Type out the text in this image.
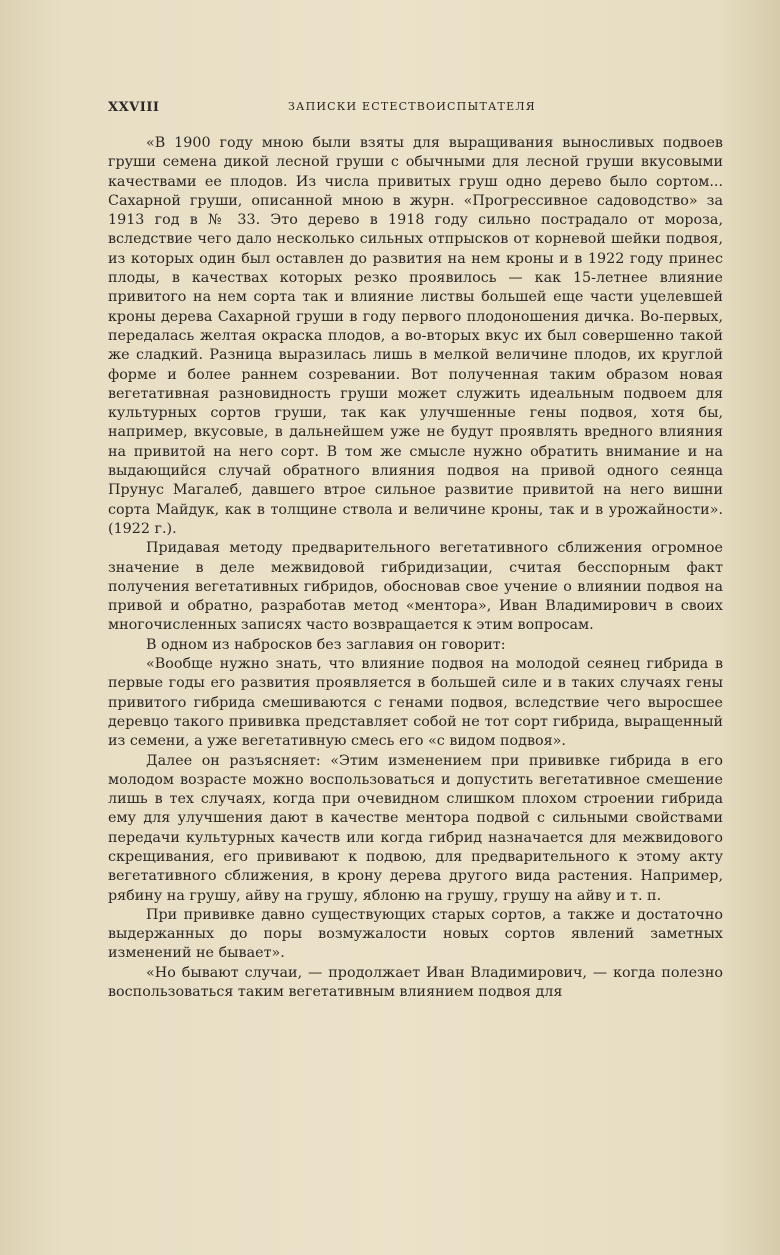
XXVIII	ЗАПИСКИ ЕСТЕСТВОИСПЫТАТЕЛЯ

«В 1900 году мною были взяты для выращивания выносливых подвоев груши семена дикой лесной груши с обычными для лесной груши вкусовыми качествами ее плодов. Из числа привитых груш одно дерево было сортом... Сахарной груши, описанной мною в журн. «Прогрессивное садоводство» за 1913 год в № 33. Это дерево в 1918 году сильно пострадало от мороза, вследствие чего дало несколько сильных отпрысков от корневой шейки подвоя, из которых один был оставлен до развития на нем кроны и в 1922 году принес плоды, в качествах которых резко проявилось — как 15-летнее влияние привитого на нем сорта так и влияние листвы большей еще части уцелевшей кроны дерева Сахарной груши в году первого плодоношения дичка. Во-первых, передалась желтая окраска плодов, а во-вторых вкус их был совершенно такой же сладкий. Разница выразилась лишь в мелкой величине плодов, их круглой форме и более раннем созревании. Вот полученная таким образом новая вегетативная разновидность груши может служить идеальным подвоем для культурных сортов груши, так как улучшенные гены подвоя, хотя бы, например, вкусовые, в дальнейшем уже не будут проявлять вредного влияния на привитой на него сорт. В том же смысле нужно обратить внимание и на выдающийся случай обратного влияния подвоя на привой одного сеянца Прунус Магалеб, давшего втрое сильное развитие привитой на него вишни сорта Майдук, как в толщине ствола и величине кроны, так и в урожайности». (1922 г.).

Придавая методу предварительного вегетативного сближения огромное значение в деле межвидовой гибридизации, считая бесспорным факт получения вегетативных гибридов, обосновав свое учение о влиянии подвоя на привой и обратно, разработав метод «ментора», Иван Владимирович в своих многочисленных записях часто возвращается к этим вопросам.

В одном из набросков без заглавия он говорит:

«Вообще нужно знать, что влияние подвоя на молодой сеянец гибрида в первые годы его развития проявляется в большей силе и в таких случаях гены привитого гибрида смешиваются с генами подвоя, вследствие чего выросшее деревцо такого прививка представляет собой не тот сорт гибрида, выращенный из семени, а уже вегетативную смесь его «с видом подвоя».

Далее он разъясняет: «Этим изменением при прививке гибрида в его молодом возрасте можно воспользоваться и допустить вегетативное смешение лишь в тех случаях, когда при очевидном слишком плохом строении гибрида ему для улучшения дают в качестве ментора подвой с сильными свойствами передачи культурных качеств или когда гибрид назначается для межвидового скрещивания, его прививают к подвою, для предварительного к этому акту вегетативного сближения, в крону дерева другого вида растения. Например, рябину на грушу, айву на грушу, яблоню на грушу, грушу на айву и т. п.

При прививке давно существующих старых сортов, а также и достаточно выдержанных до поры возмужалости новых сортов явлений заметных изменений не бывает».

«Но бывают случаи, — продолжает Иван Владимирович, — когда полезно воспользоваться таким вегетативным влиянием подвоя для
